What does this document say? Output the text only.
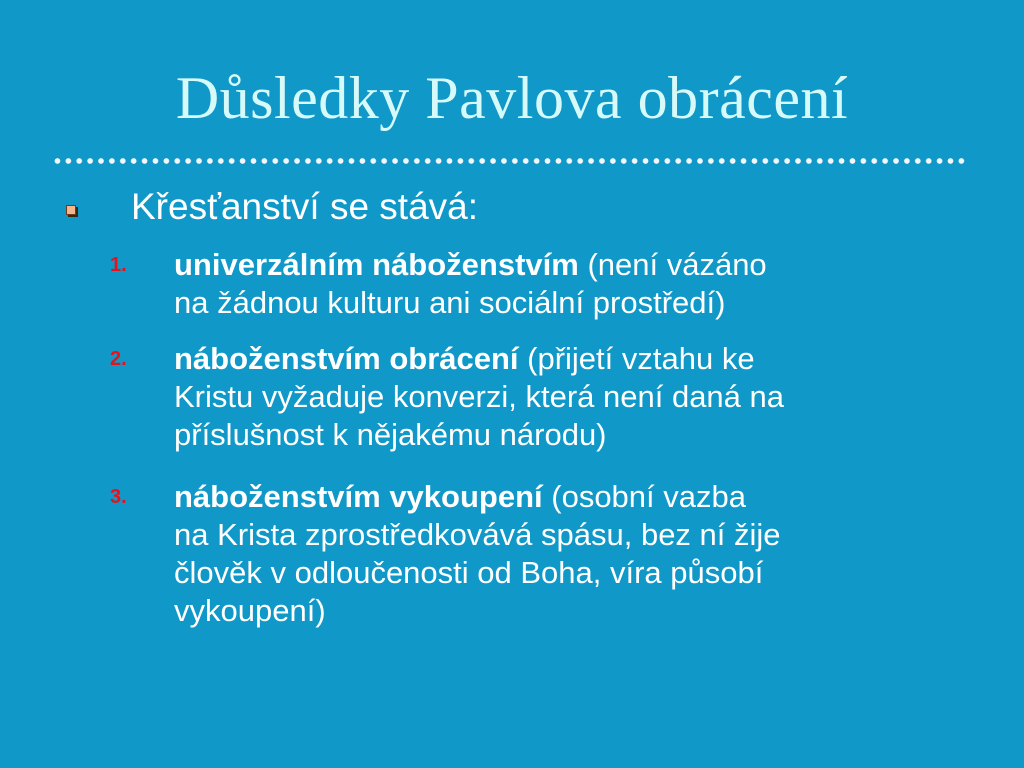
Důsledky Pavlova obrácení
Křesťanství se stává:
1. univerzálním náboženstvím (není vázáno
na žádnou kulturu ani sociální prostředí)
2. náboženstvím obrácení (přijetí vztahu ke
Kristu vyžaduje konverzi, která není daná na
příslušnost k nějakému národu)
3. náboženstvím vykoupení (osobní vazba
na Krista zprostředkovává spásu, bez ní žije
člověk v odloučenosti od Boha, víra působí
vykoupení)
